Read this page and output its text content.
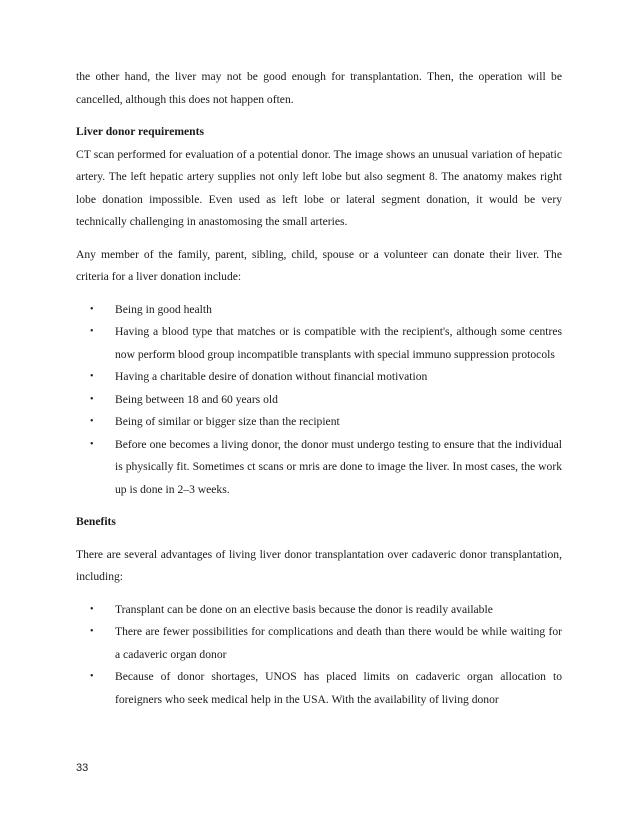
the other hand, the liver may not be good enough for transplantation. Then, the operation will be cancelled, although this does not happen often.

Liver donor requirements

CT scan performed for evaluation of a potential donor. The image shows an unusual variation of hepatic artery. The left hepatic artery supplies not only left lobe but also segment 8. The anatomy makes right lobe donation impossible. Even used as left lobe or lateral segment donation, it would be very technically challenging in anastomosing the small arteries.

Any member of the family, parent, sibling, child, spouse or a volunteer can donate their liver. The criteria for a liver donation include:

• Being in good health
• Having a blood type that matches or is compatible with the recipient's, although some centres now perform blood group incompatible transplants with special immuno suppression protocols
• Having a charitable desire of donation without financial motivation
• Being between 18 and 60 years old
• Being of similar or bigger size than the recipient
• Before one becomes a living donor, the donor must undergo testing to ensure that the individual is physically fit. Sometimes ct scans or mris are done to image the liver. In most cases, the work up is done in 2–3 weeks.
Benefits

There are several advantages of living liver donor transplantation over cadaveric donor transplantation, including:

• Transplant can be done on an elective basis because the donor is readily available
• There are fewer possibilities for complications and death than there would be while waiting for a cadaveric organ donor
• Because of donor shortages, UNOS has placed limits on cadaveric organ allocation to foreigners who seek medical help in the USA. With the availability of living donor
33
